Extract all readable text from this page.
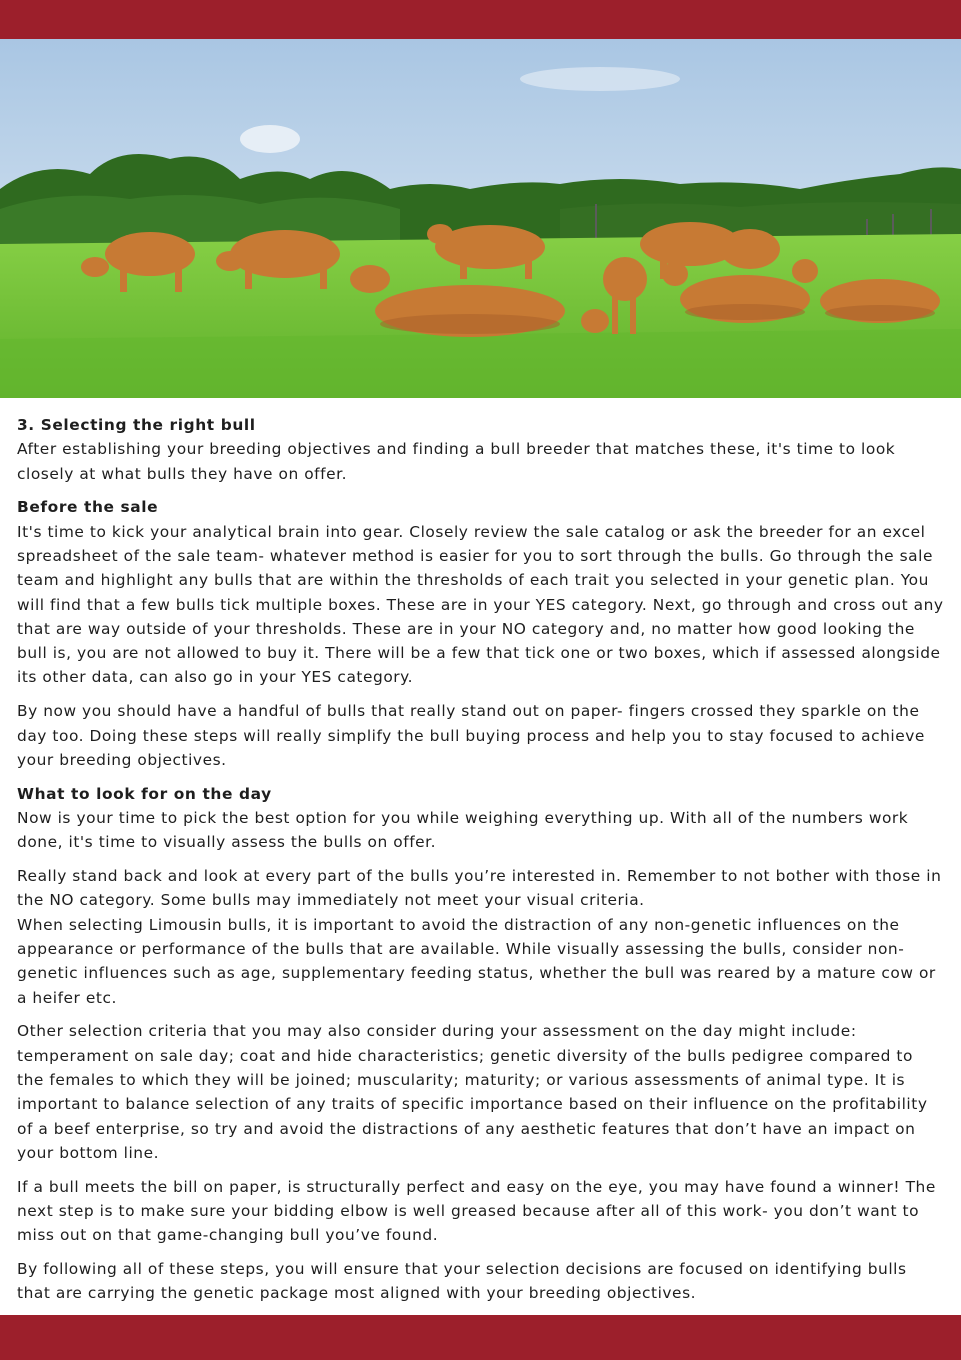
3. Selecting the right bull

After establishing your breeding objectives and finding a bull breeder that matches these, it's time to look closely at what bulls they have on offer.

Before the sale

It's time to kick your analytical brain into gear. Closely review the sale catalog or ask the breeder for an excel spreadsheet of the sale team- whatever method is easier for you to sort through the bulls. Go through the sale team and highlight any bulls that are within the thresholds of each trait you selected in your genetic plan. You will find that a few bulls tick multiple boxes. These are in your YES category. Next, go through and cross out any that are way outside of your thresholds. These are in your NO category and, no matter how good looking the bull is, you are not allowed to buy it. There will be a few that tick one or two boxes, which if assessed alongside its other data, can also go in your YES category.

By now you should have a handful of bulls that really stand out on paper- fingers crossed they sparkle on the day too. Doing these steps will really simplify the bull buying process and help you to stay focused to achieve your breeding objectives.

What to look for on the day

Now is your time to pick the best option for you while weighing everything up. With all of the numbers work done, it's time to visually assess the bulls on offer.

Really stand back and look at every part of the bulls you’re interested in. Remember to not bother with those in the NO category. Some bulls may immediately not meet your visual criteria.

When selecting Limousin bulls, it is important to avoid the distraction of any non-genetic influences on the appearance or performance of the bulls that are available. While visually assessing the bulls, consider non-genetic influences such as age, supplementary feeding status, whether the bull was reared by a mature cow or a heifer etc.

Other selection criteria that you may also consider during your assessment on the day might include: temperament on sale day; coat and hide characteristics; genetic diversity of the bulls pedigree compared to the females to which they will be joined; muscularity; maturity; or various assessments of animal type. It is important to balance selection of any traits of specific importance based on their influence on the profitability of a beef enterprise, so try and avoid the distractions of any aesthetic features that don’t have an impact on your bottom line.

If a bull meets the bill on paper, is structurally perfect and easy on the eye, you may have found a winner! The next step is to make sure your bidding elbow is well greased because after all of this work- you don’t want to miss out on that game-changing bull you’ve found.

By following all of these steps, you will ensure that your selection decisions are focused on identifying bulls that are carrying the genetic package most aligned with your breeding objectives.
